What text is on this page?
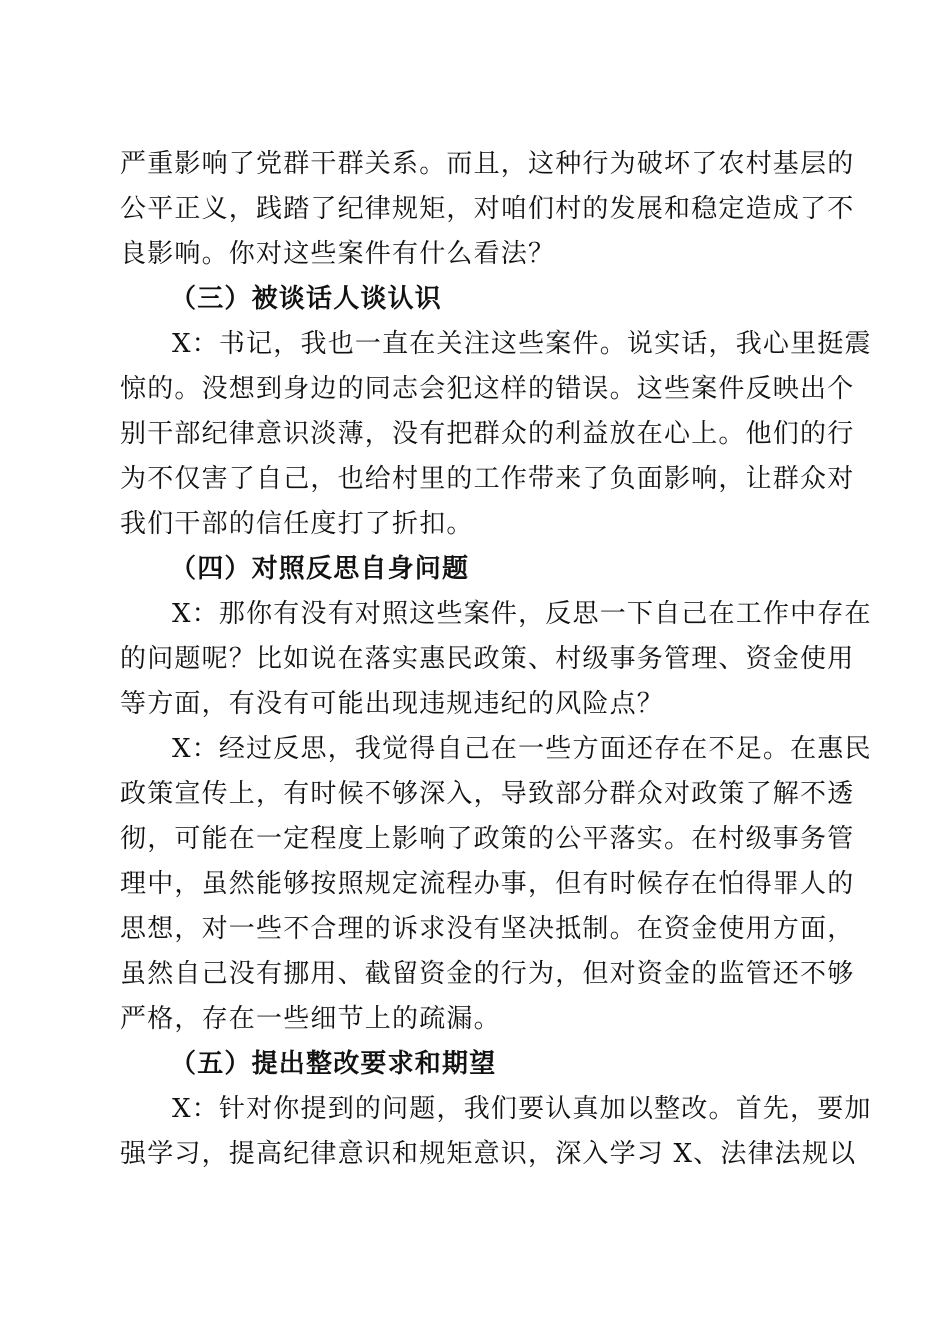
严重影响了党群干群关系。而且，这种行为破坏了农村基层的
公平正义，践踏了纪律规矩，对咱们村的发展和稳定造成了不
良影响。你对这些案件有什么看法？
（三）被谈话人谈认识
X：书记，我也一直在关注这些案件。说实话，我心里挺震
惊的。没想到身边的同志会犯这样的错误。这些案件反映出个
别干部纪律意识淡薄，没有把群众的利益放在心上。他们的行
为不仅害了自己，也给村里的工作带来了负面影响，让群众对
我们干部的信任度打了折扣。
（四）对照反思自身问题
X：那你有没有对照这些案件，反思一下自己在工作中存在
的问题呢？比如说在落实惠民政策、村级事务管理、资金使用
等方面，有没有可能出现违规违纪的风险点？
X：经过反思，我觉得自己在一些方面还存在不足。在惠民
政策宣传上，有时候不够深入，导致部分群众对政策了解不透
彻，可能在一定程度上影响了政策的公平落实。在村级事务管
理中，虽然能够按照规定流程办事，但有时候存在怕得罪人的
思想，对一些不合理的诉求没有坚决抵制。在资金使用方面，
虽然自己没有挪用、截留资金的行为，但对资金的监管还不够
严格，存在一些细节上的疏漏。
（五）提出整改要求和期望
X：针对你提到的问题，我们要认真加以整改。首先，要加
强学习，提高纪律意识和规矩意识，深入学习 X、法律法规以
